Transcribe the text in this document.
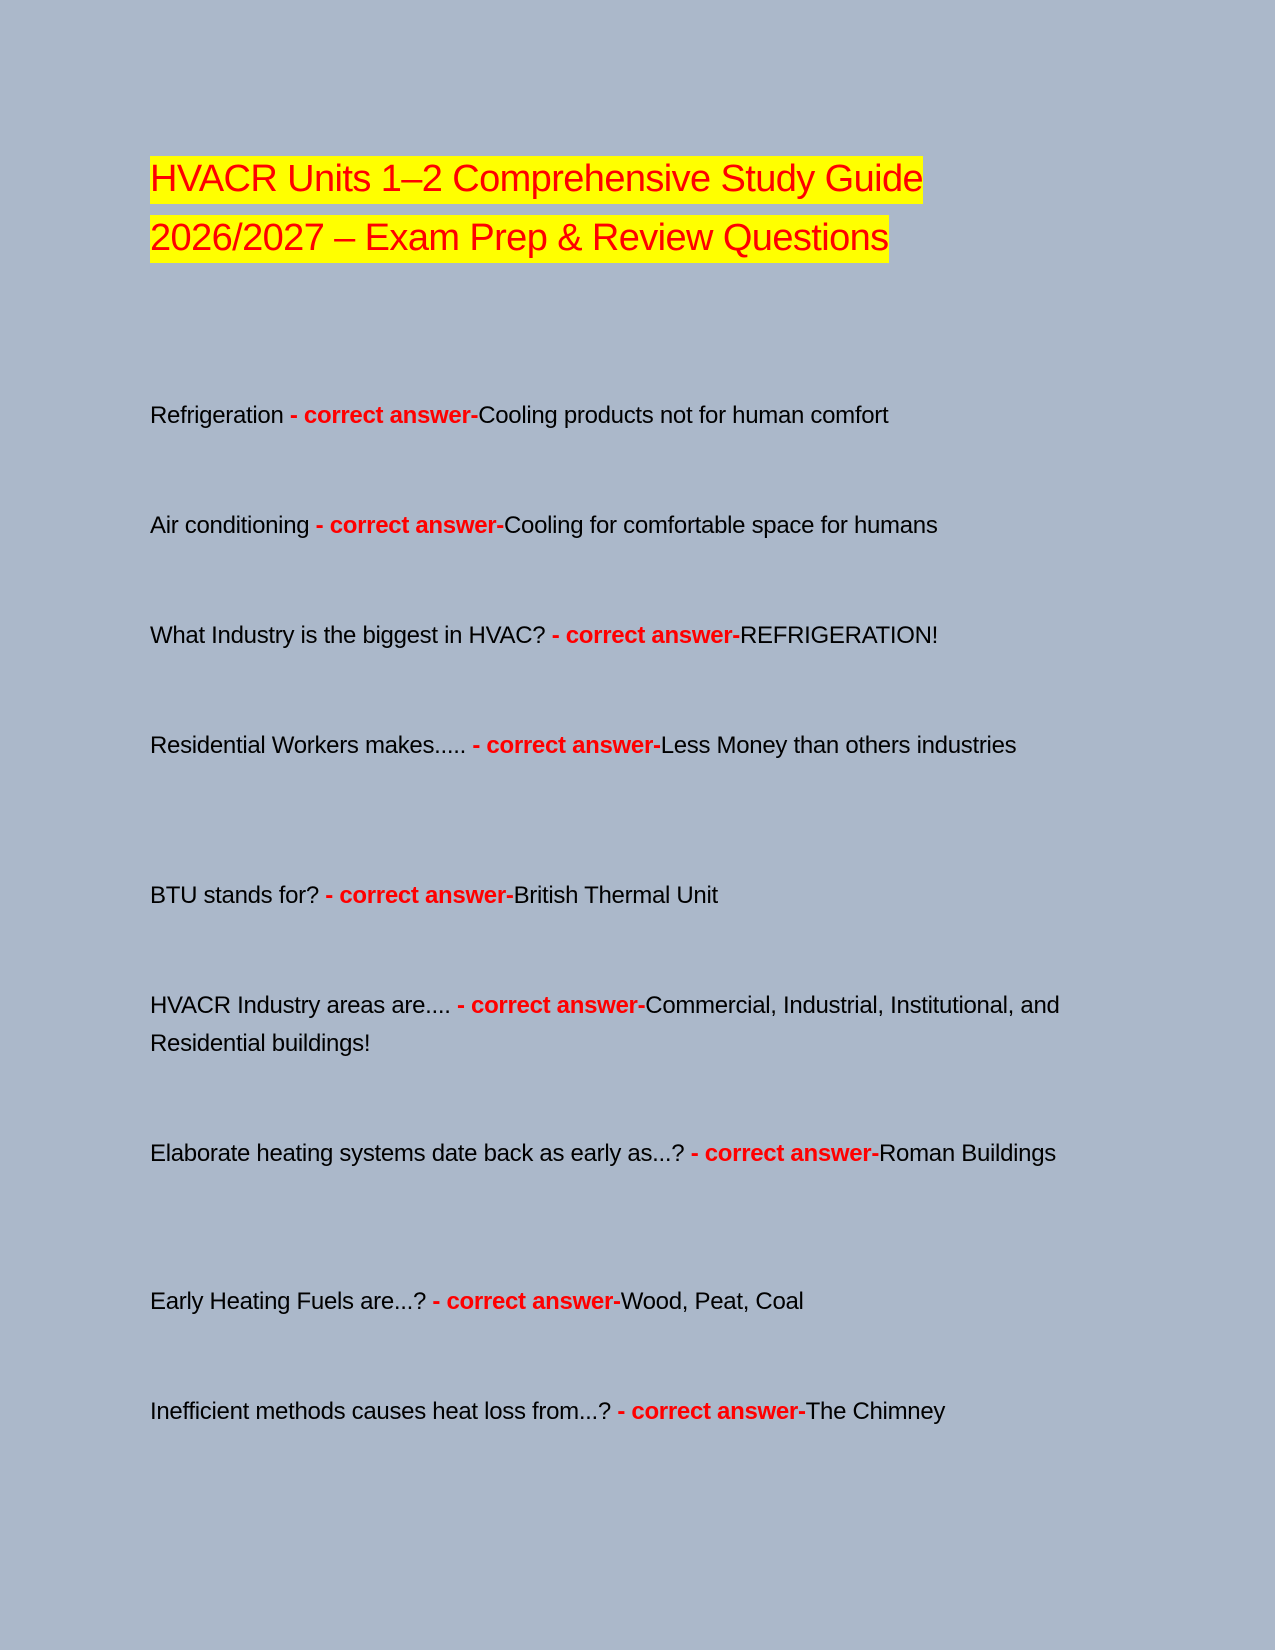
HVACR Units 1–2 Comprehensive Study Guide
2026/2027 – Exam Prep & Review Questions

Refrigeration - correct answer-Cooling products not for human comfort

Air conditioning - correct answer-Cooling for comfortable space for humans

What Industry is the biggest in HVAC? - correct answer-REFRIGERATION!

Residential Workers makes..... - correct answer-Less Money than others industries

BTU stands for? - correct answer-British Thermal Unit

HVACR Industry areas are.... - correct answer-Commercial, Industrial, Institutional, and Residential buildings!

Elaborate heating systems date back as early as...? - correct answer-Roman Buildings

Early Heating Fuels are...? - correct answer-Wood, Peat, Coal

Inefficient methods causes heat loss from...? - correct answer-The Chimney
